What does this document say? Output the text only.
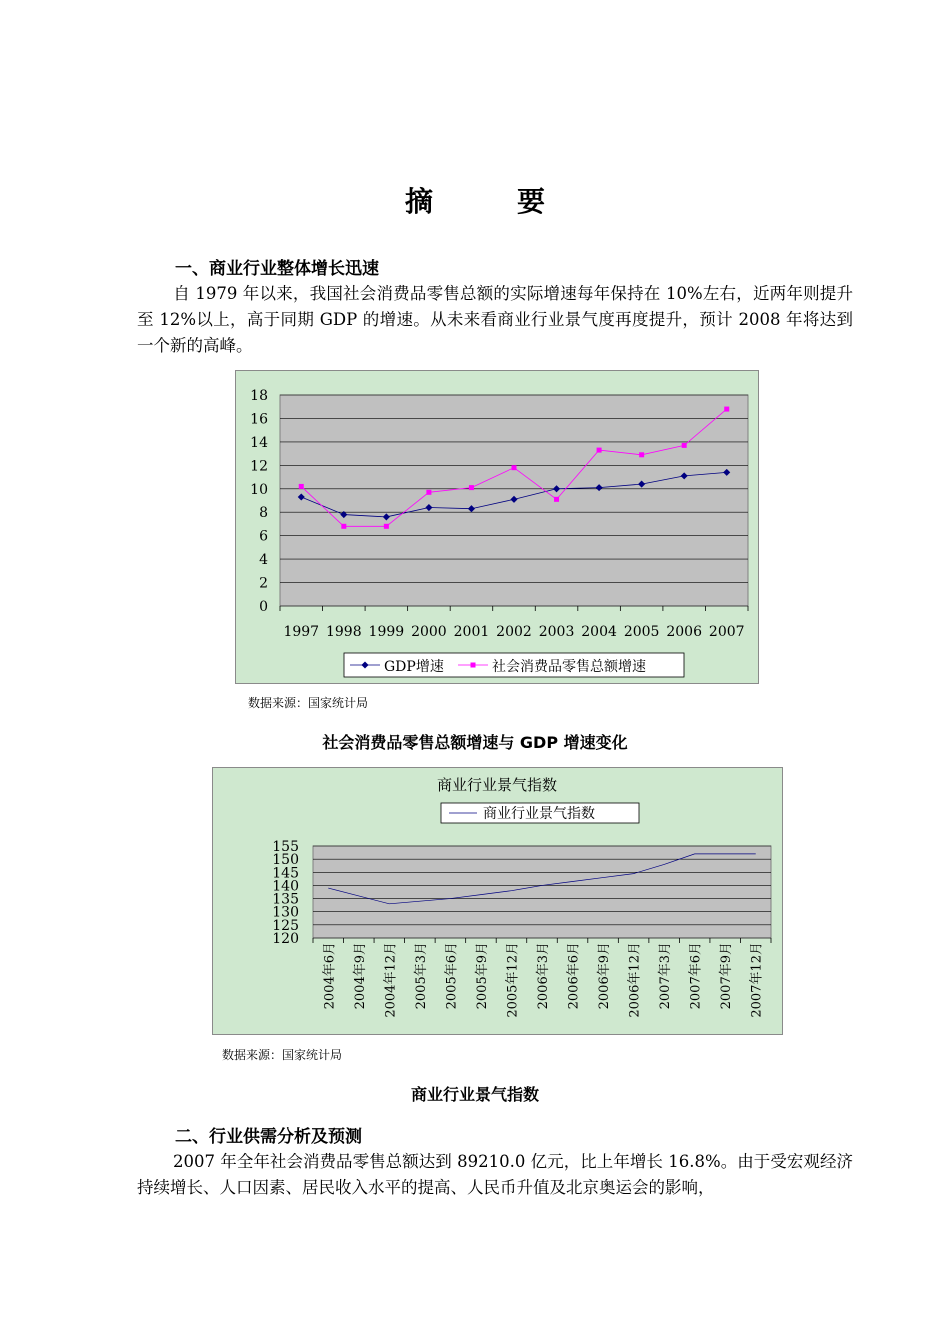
摘　要
一、商业行业整体增长迅速
自 1979 年以来，我国社会消费品零售总额的实际增速每年保持在 10%左右，近两年则提升至 12%以上，高于同期 GDP 的增速。从未来看商业行业景气度再度提升，预计 2008 年将达到一个新的高峰。
0
2
4
6
8
10
12
14
16
18
1997 1998 1999 2000 2001 2002 2003 2004 2005 2006 2007
GDP增速	社会消费品零售总额增速
数据来源：国家统计局
社会消费品零售总额增速与 GDP 增速变化
商业行业景气指数
商业行业景气指数
120
125
130
135
140
145
150
155
2004年6月 2004年9月 2004年12月 2005年3月 2005年6月 2005年9月 2005年12月 2006年3月 2006年6月 2006年9月 2006年12月 2007年3月 2007年6月 2007年9月 2007年12月
数据来源：国家统计局
商业行业景气指数
二、行业供需分析及预测
2007 年全年社会消费品零售总额达到 89210.0 亿元，比上年增长 16.8%。由于受宏观经济持续增长、人口因素、居民收入水平的提高、人民币升值及北京奥运会的影响，
